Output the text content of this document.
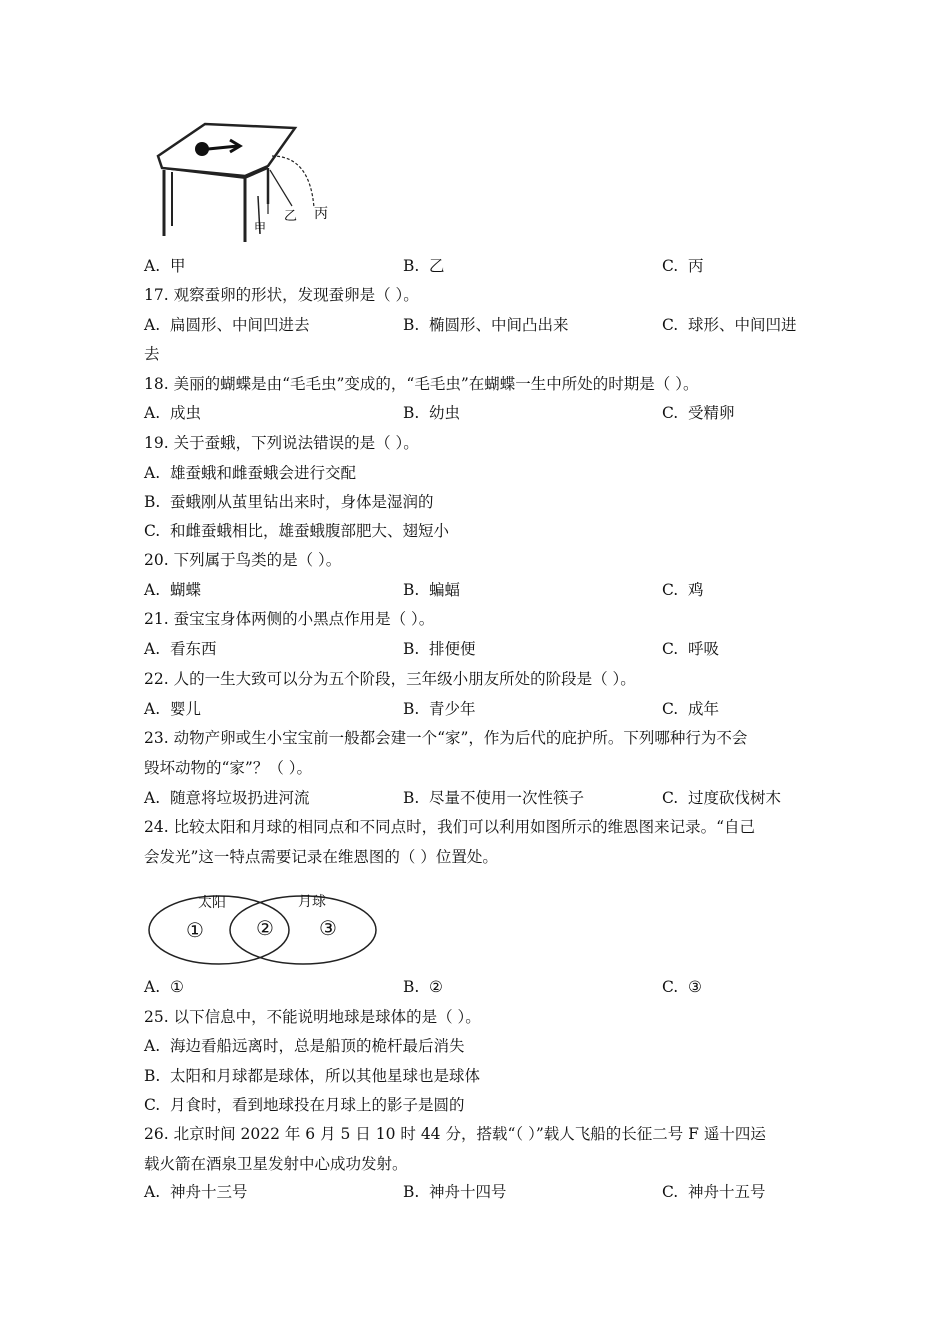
甲
乙 丙
A. 甲	B. 乙	C. 丙
17. 观察蚕卵的形状，发现蚕卵是（ ）。
A. 扁圆形、中间凹进去	B. 椭圆形、中间凸出来	C. 球形、中间凹进
去
18. 美丽的蝴蝶是由“毛毛虫”变成的，“毛毛虫”在蝴蝶一生中所处的时期是（ ）。
A. 成虫	B. 幼虫	C. 受精卵
19. 关于蚕蛾，下列说法错误的是（ ）。
A. 雄蚕蛾和雌蚕蛾会进行交配
B. 蚕蛾刚从茧里钻出来时，身体是湿润的
C. 和雌蚕蛾相比，雄蚕蛾腹部肥大、翅短小
20. 下列属于鸟类的是（ ）。
A. 蝴蝶	B. 蝙蝠	C. 鸡
21. 蚕宝宝身体两侧的小黑点作用是（ ）。
A. 看东西	B. 排便便	C. 呼吸
22. 人的一生大致可以分为五个阶段，三年级小朋友所处的阶段是（ ）。
A. 婴儿	B. 青少年	C. 成年
23. 动物产卵或生小宝宝前一般都会建一个“家”，作为后代的庇护所。下列哪种行为不会
毁坏动物的“家”？（ ）。
A. 随意将垃圾扔进河流	B. 尽量不使用一次性筷子	C. 过度砍伐树木
24. 比较太阳和月球的相同点和不同点时，我们可以利用如图所示的维恩图来记录。“自己
会发光”这一特点需要记录在维恩图的（ ）位置处。
太阳	月球
①	② ③
A. ①	B. ②	C. ③
25. 以下信息中，不能说明地球是球体的是（ ）。
A. 海边看船远离时，总是船顶的桅杆最后消失
B. 太阳和月球都是球体，所以其他星球也是球体
C. 月食时，看到地球投在月球上的影子是圆的
26. 北京时间 2022 年 6 月 5 日 10 时 44 分，搭载“（ ）”载人飞船的长征二号 F 遥十四运
载火箭在酒泉卫星发射中心成功发射。
A. 神舟十三号	B. 神舟十四号	C. 神舟十五号
